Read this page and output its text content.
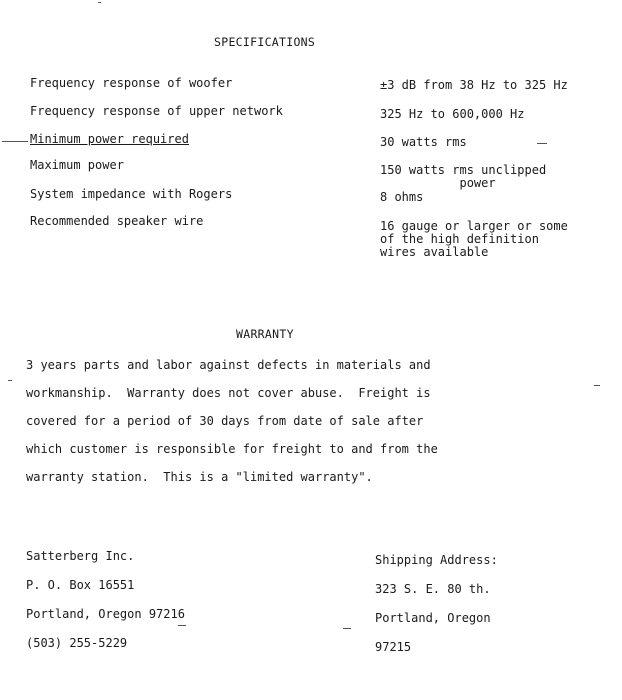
SPECIFICATIONS
Frequency response of woofer	±3 dB from 38 Hz to 325 Hz
Frequency response of upper network	325 Hz to 600,000 Hz
Minimum power required	30 watts rms
Maximum power	150 watts rms unclipped
power
System impedance with Rogers	8 ohms
Recommended speaker wire	16 gauge or larger or some
of the high definition
wires available
WARRANTY
3 years parts and labor against defects in materials and
workmanship.  Warranty does not cover abuse.  Freight is
covered for a period of 30 days from date of sale after
which customer is responsible for freight to and from the
warranty station.  This is a "limited warranty".
Satterberg Inc.
P. O. Box 16551
Portland, Oregon 97216
(503) 255-5229
Shipping Address:
323 S. E. 80 th.
Portland, Oregon
97215
